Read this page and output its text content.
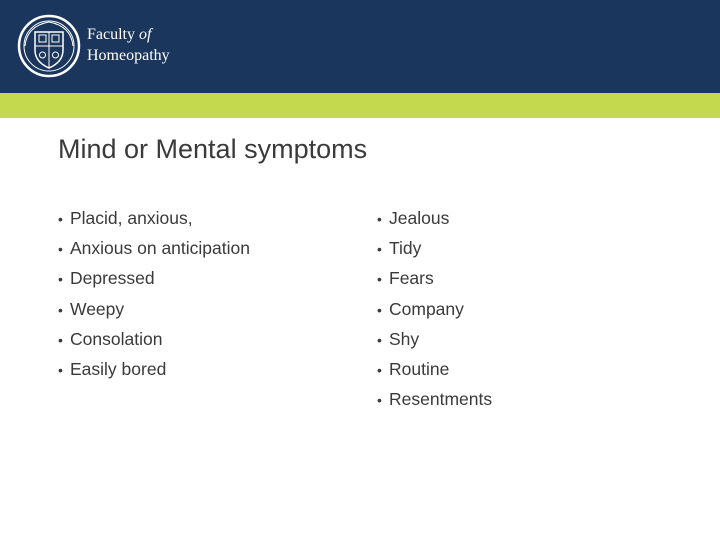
Faculty of
Homeopathy
Mind or Mental symptoms
• Placid, anxious,
• Anxious on anticipation
• Depressed
• Weepy
• Consolation
• Easily bored
• Jealous
• Tidy
• Fears
• Company
• Shy
• Routine
• Resentments
